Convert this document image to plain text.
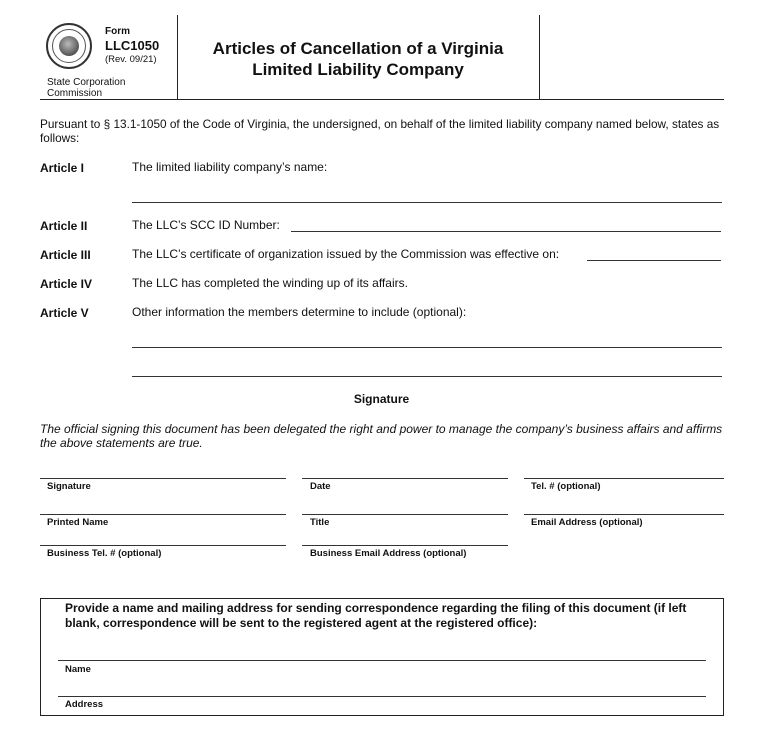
Form
LLC1050
(Rev. 09/21)
State Corporation
Commission
Articles of Cancellation of a Virginia
Limited Liability Company
Pursuant to § 13.1-1050 of the Code of Virginia, the undersigned, on behalf of the limited liability company named below, states as follows:
Article I	The limited liability company’s name:
Article II	The LLC’s SCC ID Number:
Article III	The LLC’s certificate of organization issued by the Commission was effective on:
Article IV	The LLC has completed the winding up of its affairs.
Article V	Other information the members determine to include (optional):
Signature
The official signing this document has been delegated the right and power to manage the company’s business affairs and affirms the above statements are true.
Signature	Date	Tel. # (optional)
Printed Name	Title	Email Address (optional)
Business Tel. # (optional)	Business Email Address (optional)
Provide a name and mailing address for sending correspondence regarding the filing of this document (if left blank, correspondence will be sent to the registered agent at the registered office):
Name
Address
